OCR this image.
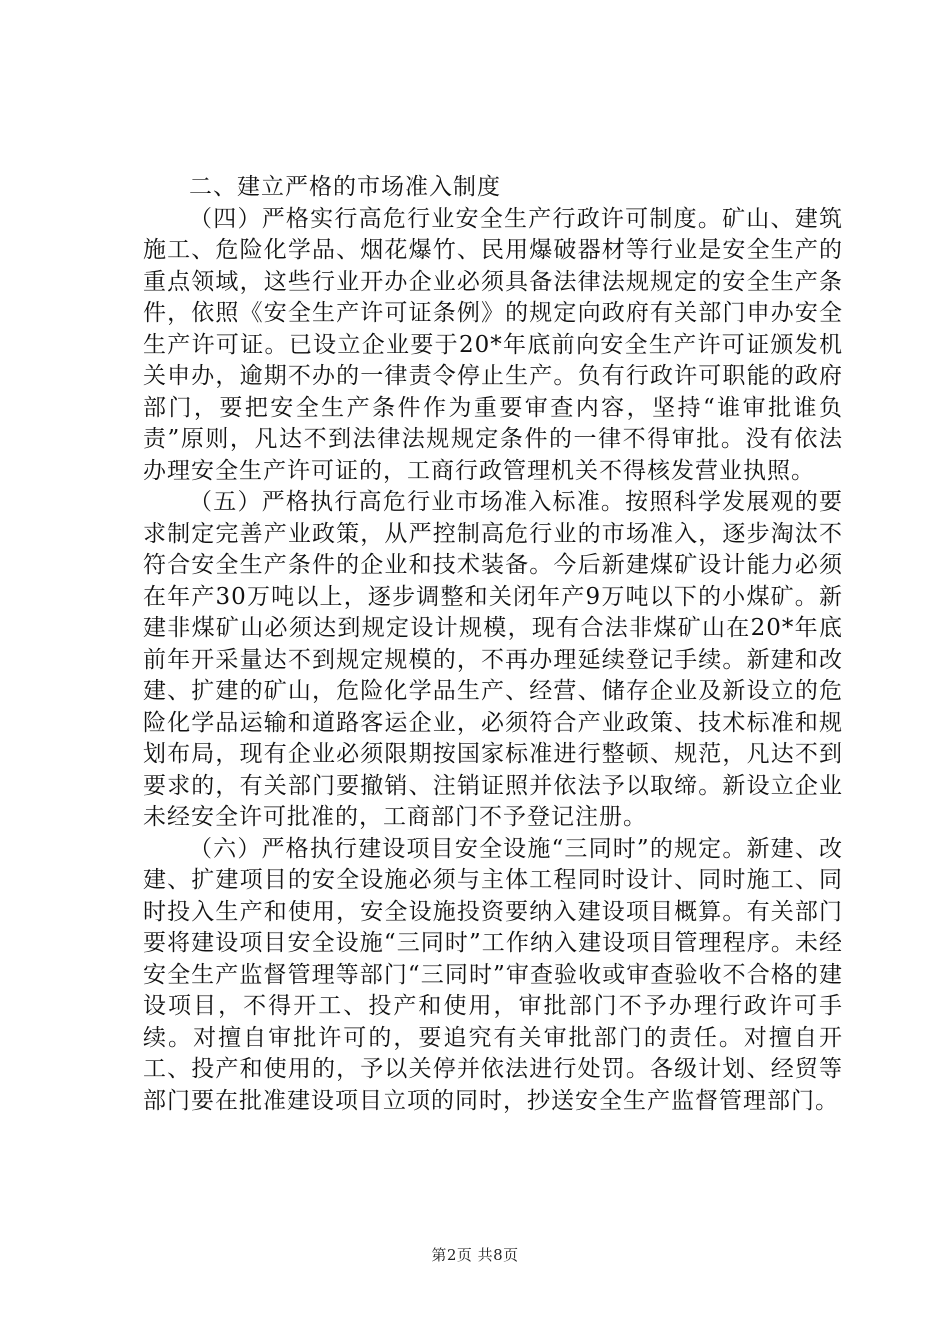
二、建立严格的市场准入制度

（四）严格实行高危行业安全生产行政许可制度。矿山、建筑施工、危险化学品、烟花爆竹、民用爆破器材等行业是安全生产的重点领域，这些行业开办企业必须具备法律法规规定的安全生产条件，依照《安全生产许可证条例》的规定向政府有关部门申办安全生产许可证。已设立企业要于20*年底前向安全生产许可证颁发机关申办，逾期不办的一律责令停止生产。负有行政许可职能的政府部门，要把安全生产条件作为重要审查内容，坚持“谁审批谁负责”原则，凡达不到法律法规规定条件的一律不得审批。没有依法办理安全生产许可证的，工商行政管理机关不得核发营业执照。

（五）严格执行高危行业市场准入标准。按照科学发展观的要求制定完善产业政策，从严控制高危行业的市场准入，逐步淘汰不符合安全生产条件的企业和技术装备。今后新建煤矿设计能力必须在年产30万吨以上，逐步调整和关闭年产9万吨以下的小煤矿。新建非煤矿山必须达到规定设计规模，现有合法非煤矿山在20*年底前年开采量达不到规定规模的，不再办理延续登记手续。新建和改建、扩建的矿山，危险化学品生产、经营、储存企业及新设立的危险化学品运输和道路客运企业，必须符合产业政策、技术标准和规划布局，现有企业必须限期按国家标准进行整顿、规范，凡达不到要求的，有关部门要撤销、注销证照并依法予以取缔。新设立企业未经安全许可批准的，工商部门不予登记注册。

（六）严格执行建设项目安全设施“三同时”的规定。新建、改建、扩建项目的安全设施必须与主体工程同时设计、同时施工、同时投入生产和使用，安全设施投资要纳入建设项目概算。有关部门要将建设项目安全设施“三同时”工作纳入建设项目管理程序。未经安全生产监督管理等部门“三同时”审查验收或审查验收不合格的建设项目，不得开工、投产和使用，审批部门不予办理行政许可手续。对擅自审批许可的，要追究有关审批部门的责任。对擅自开工、投产和使用的，予以关停并依法进行处罚。各级计划、经贸等部门要在批准建设项目立项的同时，抄送安全生产监督管理部门。

第2页 共8页
